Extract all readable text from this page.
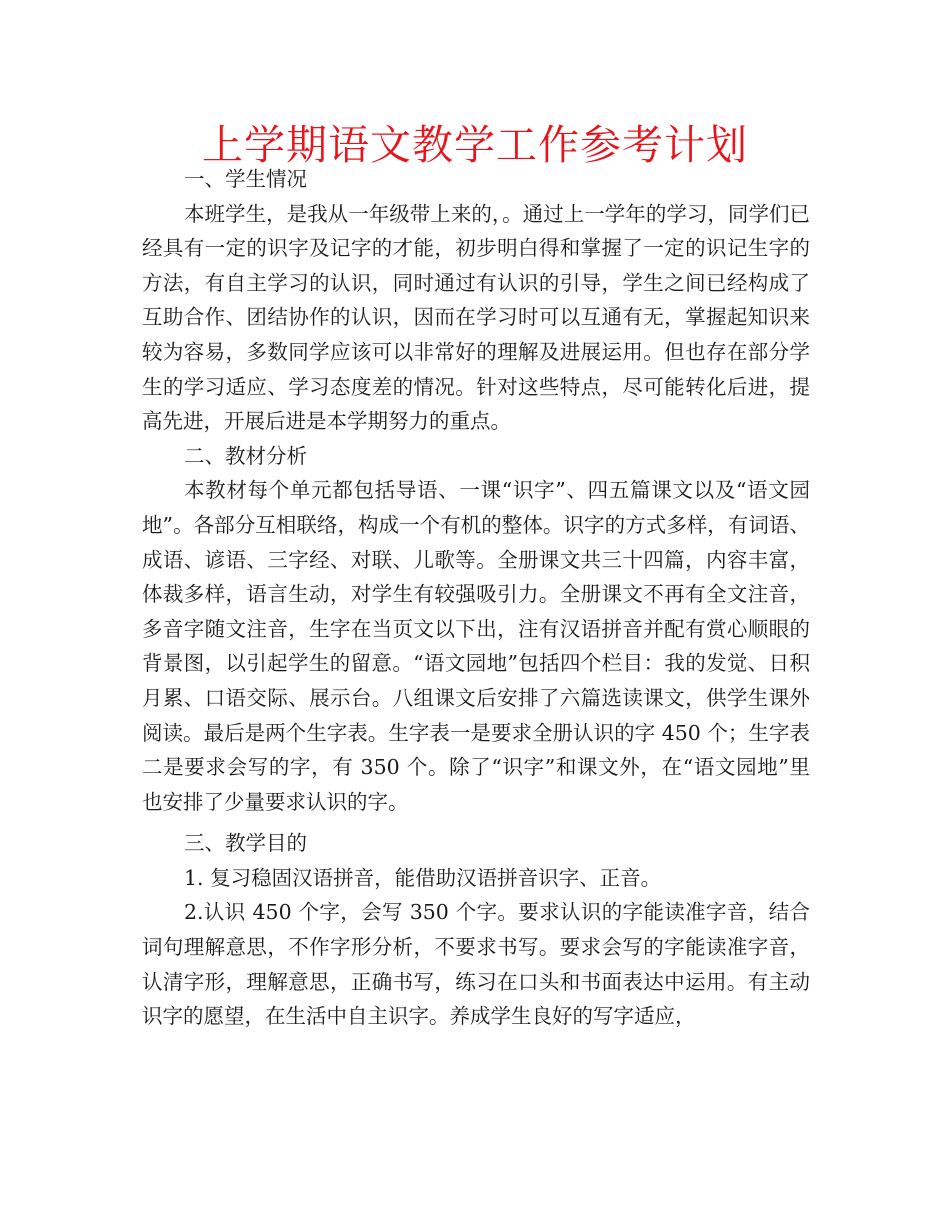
上学期语文教学工作参考计划

一、学生情况

本班学生，是我从一年级带上来的，。通过上一学年的学习，同学们已经具有一定的识字及记字的才能，初步明白得和掌握了一定的识记生字的方法，有自主学习的认识，同时通过有认识的引导，学生之间已经构成了互助合作、团结协作的认识，因而在学习时可以互通有无，掌握起知识来较为容易，多数同学应该可以非常好的理解及进展运用。但也存在部分学生的学习适应、学习态度差的情况。针对这些特点，尽可能转化后进，提高先进，开展后进是本学期努力的重点。

二、教材分析

本教材每个单元都包括导语、一课“识字”、四五篇课文以及“语文园地”。各部分互相联络，构成一个有机的整体。识字的方式多样，有词语、成语、谚语、三字经、对联、儿歌等。全册课文共三十四篇，内容丰富，体裁多样，语言生动，对学生有较强吸引力。全册课文不再有全文注音，多音字随文注音，生字在当页文以下出，注有汉语拼音并配有赏心顺眼的背景图，以引起学生的留意。“语文园地”包括四个栏目：我的发觉、日积月累、口语交际、展示台。八组课文后安排了六篇选读课文，供学生课外阅读。最后是两个生字表。生字表一是要求全册认识的字 450 个；生字表二是要求会写的字，有 350 个。除了“识字”和课文外，在“语文园地”里也安排了少量要求认识的字。

三、教学目的

1. 复习稳固汉语拼音，能借助汉语拼音识字、正音。

2.认识 450 个字，会写 350 个字。要求认识的字能读准字音，结合词句理解意思，不作字形分析，不要求书写。要求会写的字能读准字音，认清字形，理解意思，正确书写，练习在口头和书面表达中运用。有主动识字的愿望，在生活中自主识字。养成学生良好的写字适应，
